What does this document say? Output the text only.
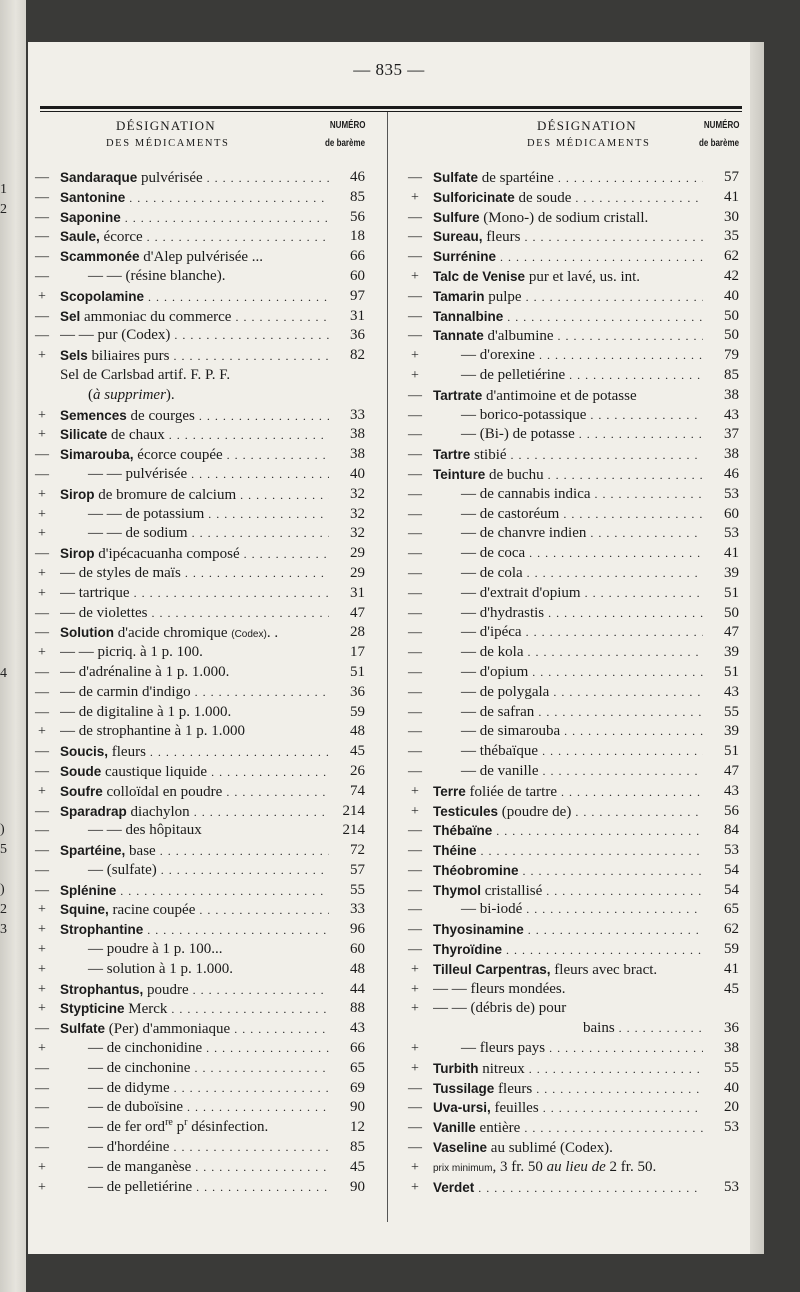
1
2
4
)
5
)
2
3
— 835 —
DÉSIGNATION
DES MÉDICAMENTS
NUMÉRO
de barème
— Sandaraque pulvérisée . . .	46
— Santonine . . .	85
— Saponine . . .	56
— Saule, écorce . . .	18
— Scammonée d'Alep pulvérisée ...	66
—	— — (résine blanche).	60
+	Scopolamine . . .	97
— Sel ammoniac du commerce . . .	31
— — — pur (Codex) . . .	36
+	Sels biliaires purs . . .	82
Sel de Carlsbad artif. F. P. F.
(à supprimer).
+	Semences de courges . . .	33
+	Silicate de chaux . . .	38
— Simarouba, écorce coupée . . .	38
—	— — pulvérisée . . .	40
+	Sirop de bromure de calcium . . .	32
+	— — de potassium . . .	32
+	— — de sodium . . .	32
— Sirop d'ipécacuanha composé . . .	29
+ — de styles de maïs . . .	29
+ — tartrique . . .	31
— — de violettes . . .	47
— Solution d'acide chromique (Codex). .	28
+ — — picriq. à 1 p. 100.	17
— — d'adrénaline à 1 p. 1.000.	51
— — de carmin d'indigo . . .	36
— — de digitaline à 1 p. 1.000.	59
+ — de strophantine à 1 p. 1.000	48
— Soucis, fleurs . . .	45
— Soude caustique liquide . . .	26
+	Soufre colloïdal en poudre . . .	74
— Sparadrap diachylon . . .	214
—	— — des hôpitaux	214
— Spartéine, base . . .	72
—	— (sulfate) . . .	57
— Splénine . . .	55
+	Squine, racine coupée . . .	33
+	Strophantine . . .	96
+	— poudre à 1 p. 100...	60
+	— solution à 1 p. 1.000.	48
+	Strophantus, poudre . . .	44
+	Stypticine Merck . . .	88
— Sulfate (Per) d'ammoniaque . . .	43
+	— de cinchonidine . . .	66
—	— de cinchonine . . .	65
—	— de didyme . . .	69
—	— de duboïsine . . .	90
—	— de fer ord$^{re}$ $p^r$ désinfection.	12
—	— d'hordéine . . .	85
+	— de manganèse . . .	45
+	— de pelletiérine . . .	90
DÉSIGNATION
DES MÉDICAMENTS
NUMÉRO
de barème
— Sulfate de spartéine . . .	57
+	Sulforicinate de soude . . .	41
— Sulfure (Mono-) de sodium cristall.	30
— Sureau, fleurs . . .	35
— Surrénine . . .	62
+	Talc de Venise pur et lavé, us. int.	42
— Tamarin pulpe . . .	40
— Tannalbine . . .	50
— Tannate d'albumine . . .	50
+	— d'orexine . . .	79
+	— de pelletiérine . . .	85
— Tartrate d'antimoine et de potasse	38
—	— borico-potassique . . .	43
—	— (Bi-) de potasse . . .	37
— Tartre stibié . . .	38
— Teinture de buchu . . .	46
—	— de cannabis indica . . .	53
—	— de castoréum . . .	60
—	— de chanvre indien . . .	53
—	— de coca . . .	41
—	— de cola . . .	39
—	— d'extrait d'opium . . .	51
—	— d'hydrastis . . .	50
—	— d'ipéca . . .	47
—	— de kola . . .	39
—	— d'opium . . .	51
—	— de polygala . . .	43
—	— de safran . . .	55
—	— de simarouba . . .	39
—	— thébaïque . . .	51
—	— de vanille . . .	47
+	Terre foliée de tartre . . .	43
+	Testicules (poudre de) . . .	56
— Thébaïne . . .	84
— Théine . . .	53
— Théobromine . . .	54
— Thymol cristallisé . . .	54
—	— bi-iodé . . .	65
— Thyosinamine . . .	62
— Thyroïdine . . .	59
+	Tilleul Carpentras, fleurs avec bract.	41
+ — — fleurs mondées.	45
+ — — (débris de) pour
bains . . .	36
+	— fleurs pays . . .	38
+	Turbith nitreux . . .	55
— Tussilage fleurs . . .	40
— Uva-ursi, feuilles . . .	20
— Vanille entière . . .	53
— Vaseline au sublimé (Codex).
+	prix minimum, 3 fr. 50 au lieu de 2 fr. 50.
+	Verdet . . .	53
